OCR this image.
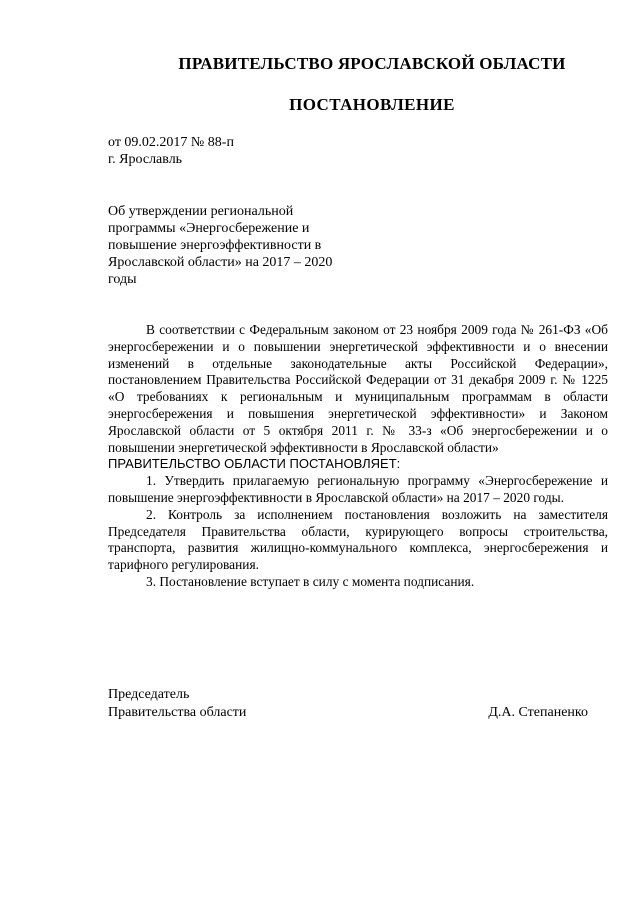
ПРАВИТЕЛЬСТВО ЯРОСЛАВСКОЙ ОБЛАСТИ
ПОСТАНОВЛЕНИЕ
от 09.02.2017 № 88-п
г. Ярославль
Об утверждении региональной программы «Энергосбережение и повышение энергоэффективности в Ярославской области» на 2017 – 2020 годы

В соответствии с Федеральным законом от 23 ноября 2009 года № 261-ФЗ «Об энергосбережении и о повышении энергетической эффективности и о внесении изменений в отдельные законодательные акты Российской Федерации», постановлением Правительства Российской Федерации от 31 декабря 2009 г. № 1225 «О требованиях к региональным и муниципальным программам в области энергосбережения и повышения энергетической эффективности» и Законом Ярославской области от 5 октября 2011 г. № 33-з «Об энергосбережении и о повышении энергетической эффективности в Ярославской области»

ПРАВИТЕЛЬСТВО ОБЛАСТИ ПОСТАНОВЛЯЕТ:

1. Утвердить прилагаемую региональную программу «Энергосбережение и повышение энергоэффективности в Ярославской области» на 2017 – 2020 годы.

2. Контроль за исполнением постановления возложить на заместителя Председателя Правительства области, курирующего вопросы строительства, транспорта, развития жилищно-коммунального комплекса, энергосбережения и тарифного регулирования.

3. Постановление вступает в силу с момента подписания.

Председатель
Правительства области	Д.А. Степаненко
